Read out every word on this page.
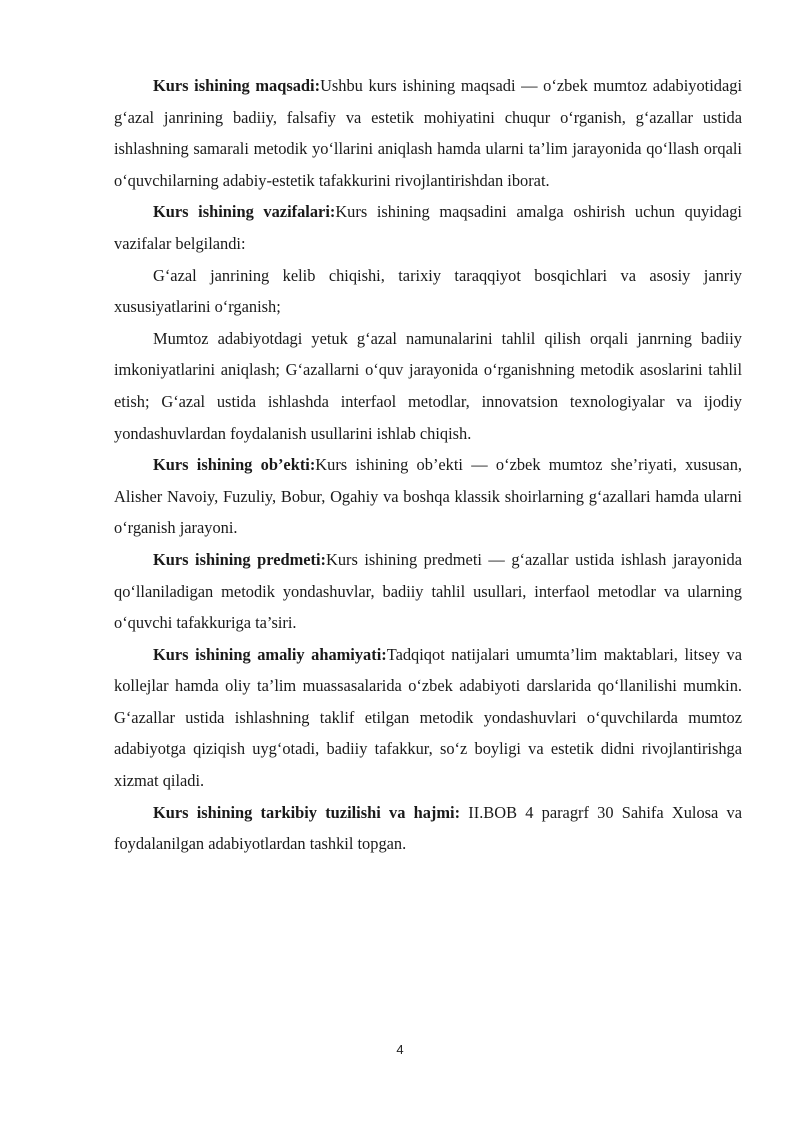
Kurs ishining maqsadi:Ushbu kurs ishining maqsadi — o‘zbek mumtoz adabiyotidagi g‘azal janrining badiiy, falsafiy va estetik mohiyatini chuqur o‘rganish, g‘azallar ustida ishlashning samarali metodik yo‘llarini aniqlash hamda ularni ta’lim jarayonida qo‘llash orqali o‘quvchilarning adabiy-estetik tafakkurini rivojlantirishdan iborat.

Kurs ishining vazifalari:Kurs ishining maqsadini amalga oshirish uchun quyidagi vazifalar belgilandi:

G‘azal janrining kelib chiqishi, tarixiy taraqqiyot bosqichlari va asosiy janriy xususiyatlarini o‘rganish;

Mumtoz adabiyotdagi yetuk g‘azal namunalarini tahlil qilish orqali janrning badiiy imkoniyatlarini aniqlash; G‘azallarni o‘quv jarayonida o‘rganishning metodik asoslarini tahlil etish; G‘azal ustida ishlashda interfaol metodlar, innovatsion texnologiyalar va ijodiy yondashuvlardan foydalanish usullarini ishlab chiqish.

Kurs ishining ob’ekti:Kurs ishining ob’ekti — o‘zbek mumtoz she’riyati, xususan, Alisher Navoiy, Fuzuliy, Bobur, Ogahiy va boshqa klassik shoirlarning g‘azallari hamda ularni o‘rganish jarayoni.

Kurs ishining predmeti:Kurs ishining predmeti — g‘azallar ustida ishlash jarayonida qo‘llaniladigan metodik yondashuvlar, badiiy tahlil usullari, interfaol metodlar va ularning o‘quvchi tafakkuriga ta’siri.

Kurs ishining amaliy ahamiyati:Tadqiqot natijalari umumta’lim maktablari, litsey va kollejlar hamda oliy ta’lim muassasalarida o‘zbek adabiyoti darslarida qo‘llanilishi mumkin. G‘azallar ustida ishlashning taklif etilgan metodik yondashuvlari o‘quvchilarda mumtoz adabiyotga qiziqish uyg‘otadi, badiiy tafakkur, so‘z boyligi va estetik didni rivojlantirishga xizmat qiladi.

Kurs ishining tarkibiy tuzilishi va hajmi: II.BOB 4 paragrf 30 Sahifa Xulosa va foydalanilgan adabiyotlardan tashkil topgan.

4
